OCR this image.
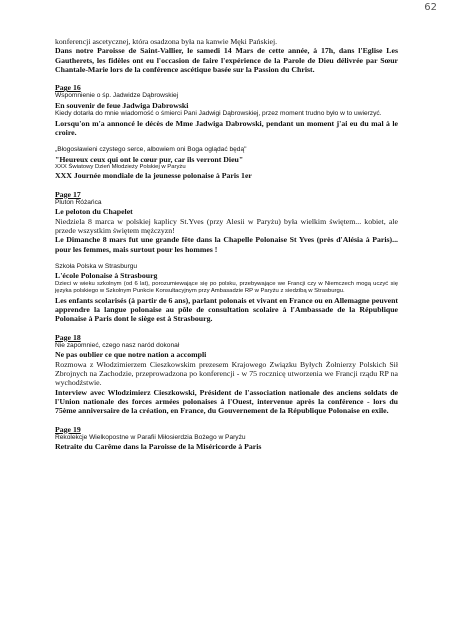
62

konferencji ascetycznej, która osadzona była na kanwie Męki Pańskiej.

Dans notre Paroisse de Saint-Vallier, le samedi 14 Mars de cette année, à 17h, dans l'Eglise Les Gautherets, les fidèles ont eu l'occasion de faire l'expérience de la Parole de Dieu délivrée par Sœur Chantale-Marie lors de la conférence ascétique basée sur la Passion du Christ.

Page 16

Wspomnienie o śp. Jadwidze Dąbrowskiej

En souvenir de feue Jadwiga Dabrowski

Kiedy dotarła do mnie wiadomość o śmierci Pani Jadwigi Dąbrowskiej, przez moment trudno było w to uwierzyć.

Lorsqu'on m'a annoncé le décès de Mme Jadwiga Dabrowski, pendant un moment j'ai eu du mal à le croire.

„Błogosławieni czystego serce, albowiem oni Boga oglądać będą"

"Heureux ceux qui ont le cœur pur, car ils verront Dieu"

XXX Światowy Dzień Młodzieży Polskiej w Paryżu

XXX Journée mondiale de la jeunesse polonaise à Paris 1er

Page 17

Pluton Różańca

Le peloton du Chapelet

Niedziela 8 marca w polskiej kaplicy St.Yves (przy Alesii w Paryżu) była wielkim świętem... kobiet, ale przede wszystkim świętem mężczyzn!

Le Dimanche 8 mars fut une grande fête dans la Chapelle Polonaise St Yves (près d'Alésia à Paris)... pour les femmes, mais surtout pour les hommes !

Szkoła Polska w Strasburgu

L'école Polonaise à Strasbourg

Dzieci w wieku szkolnym (od 6 lat), porozumiewające się po polsku, przebywające we Francji czy w Niemczech mogą uczyć się języka polskiego w Szkolnym Punkcie Konsultacyjnym przy Ambasadzie RP w Paryżu z siedzibą w Strasburgu.

Les enfants scolarisés (à partir de 6 ans), parlant polonais et vivant en France ou en Allemagne peuvent apprendre la langue polonaise au pôle de consultation scolaire à l'Ambassade de la République Polonaise à Paris dont le siège est à Strasbourg.

Page 18

Nie zapomnieć, czego nasz naród dokonał

Ne pas oublier ce que notre nation a accompli

Rozmowa z Włodzimierzem Cieszkowskim prezesem Krajowego Związku Byłych Żołnierzy Polskich Sił Zbrojnych na Zachodzie, przeprowadzona po konferencji - w 75 rocznicę utworzenia we Francji rządu RP na wychodźstwie.

Interview avec Wlodzimierz Cieszkowski, Président de l'association nationale des anciens soldats de l'Union nationale des forces armées polonaises à l'Ouest, intervenue après la conférence - lors du 75ème anniversaire de la création, en France, du Gouvernement de la République Polonaise en exile.

Page 19

Rekolekcje Wielkopostne w Parafii Miłosierdzia Bożego w Paryżu

Retraite du Carême dans la Paroisse de la Miséricorde à Paris
